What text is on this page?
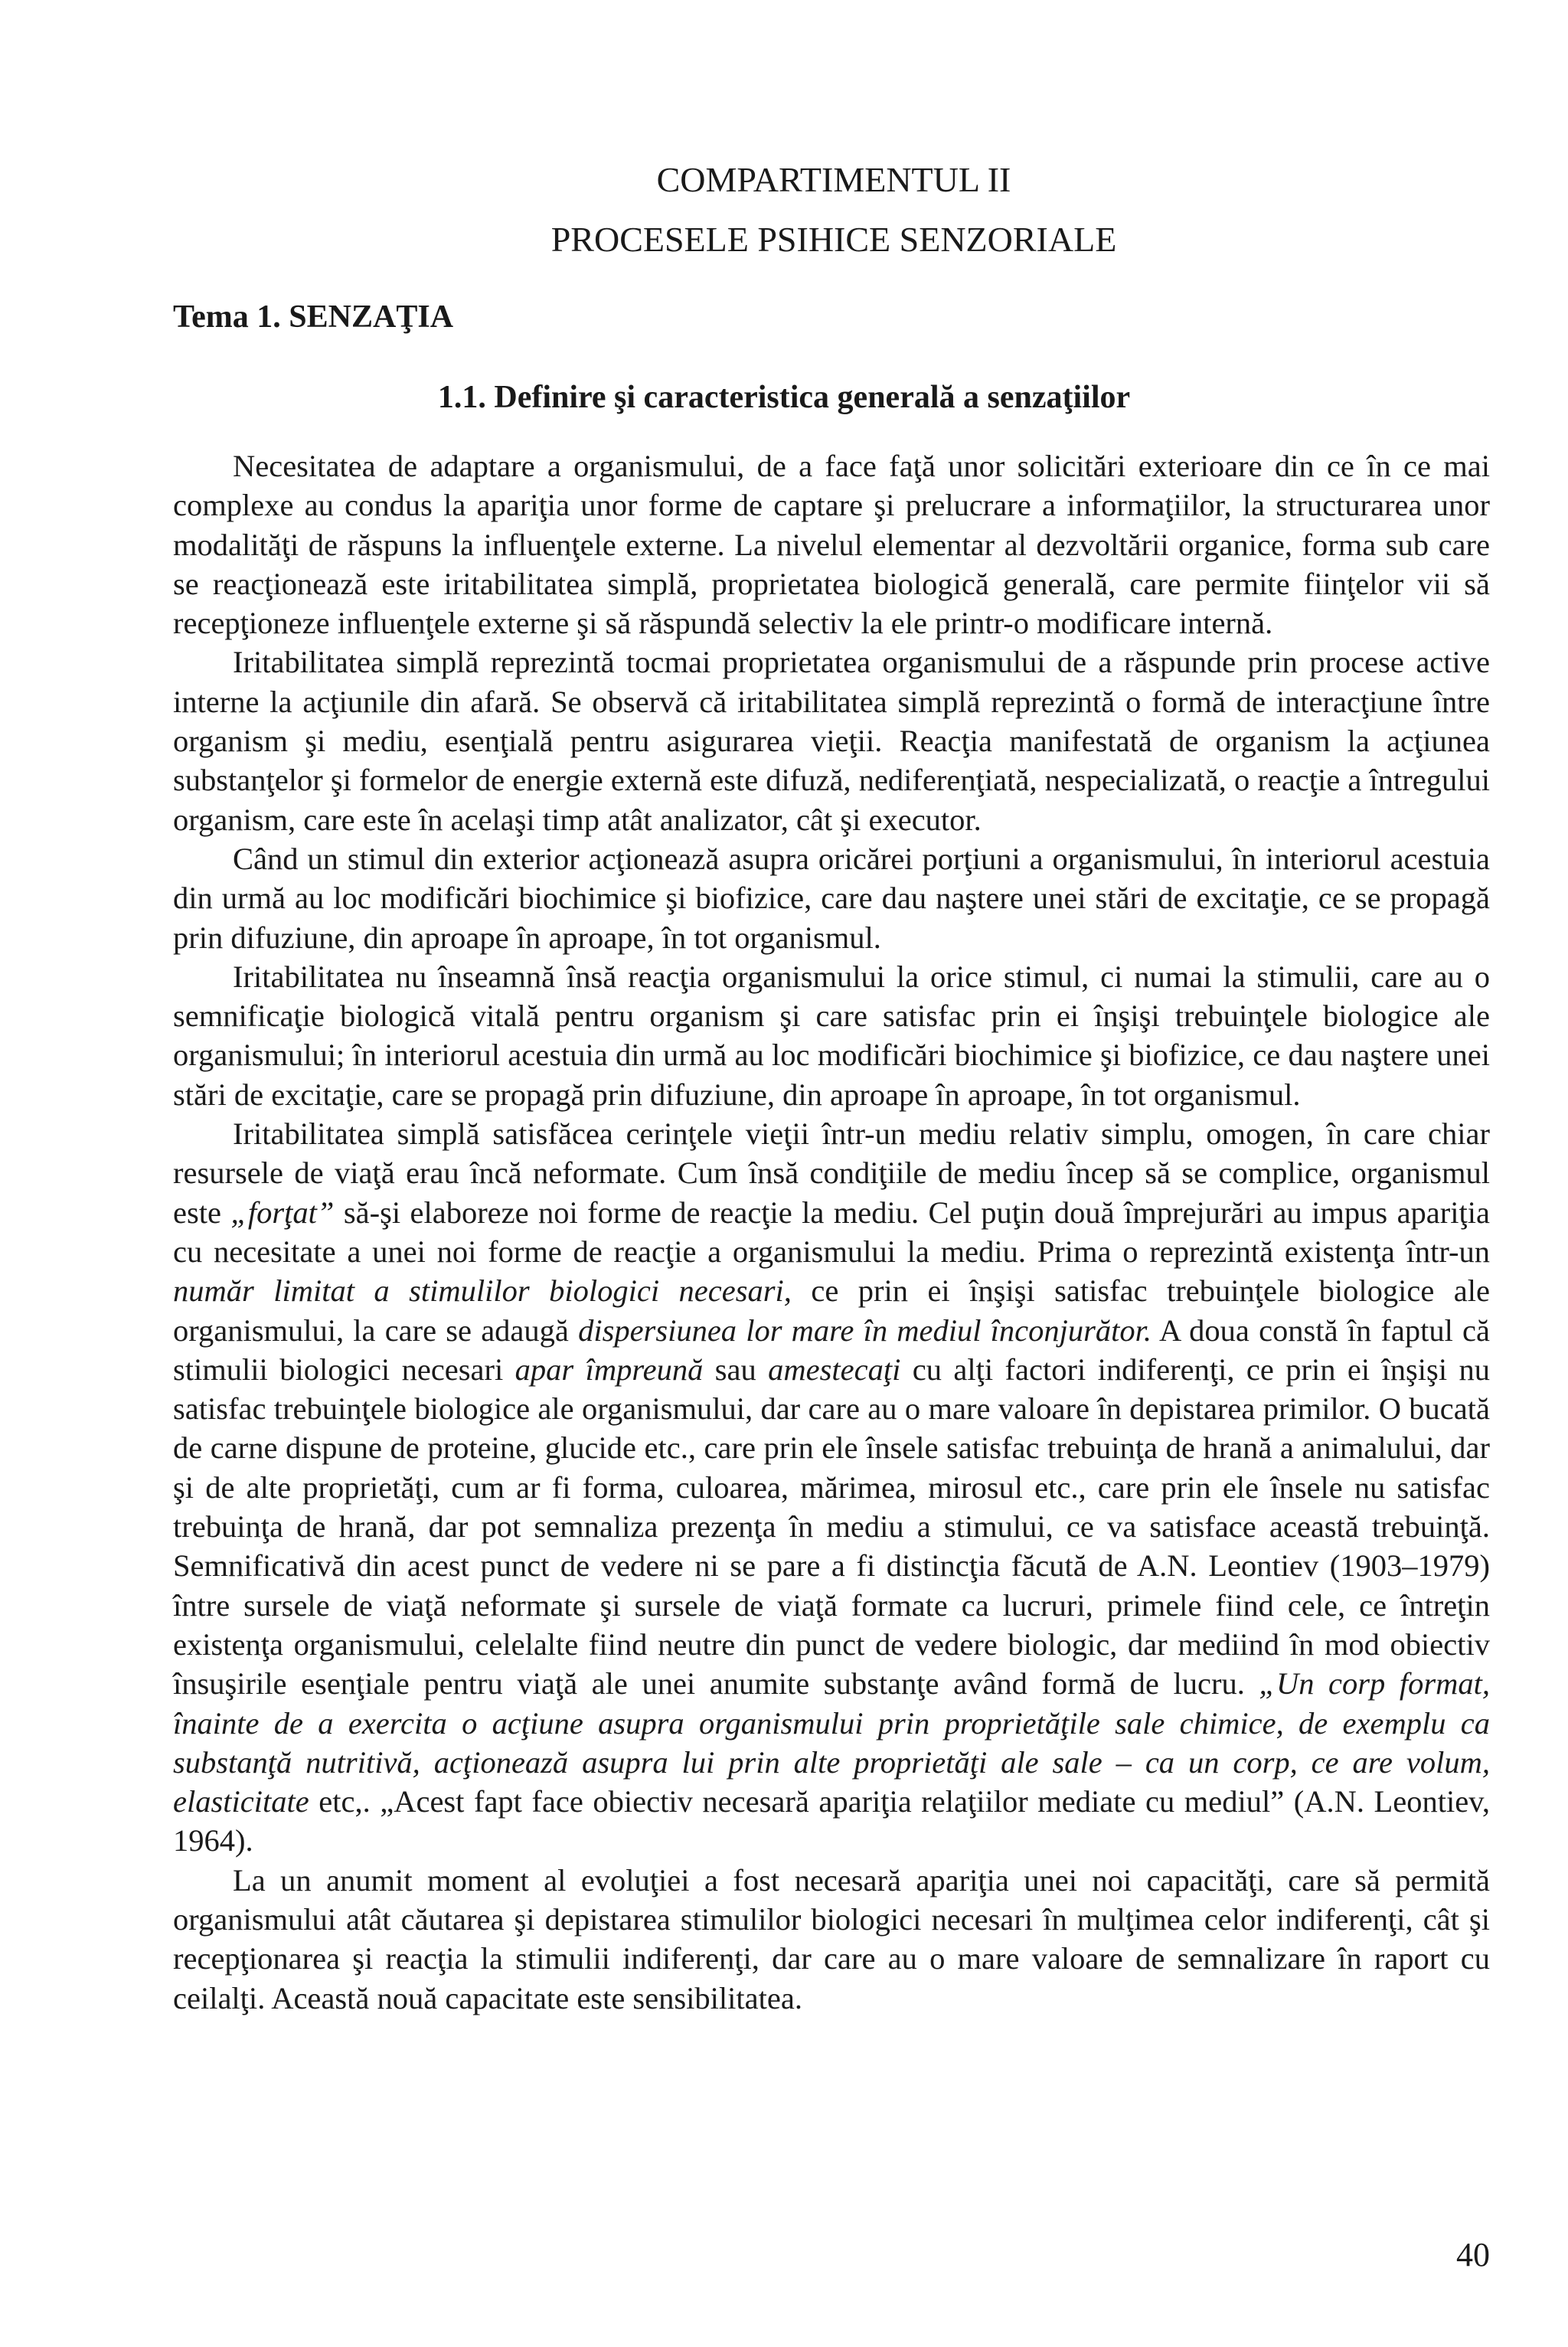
COMPARTIMENTUL II
PROCESELE PSIHICE SENZORIALE
Tema 1. SENZAŢIA
1.1. Definire şi caracteristica generală a senzaţiilor

Necesitatea de adaptare a organismului, de a face faţă unor solicitări exterioare din ce în ce mai complexe au condus la apariţia unor forme de captare şi prelucrare a informaţiilor, la structurarea unor modalităţi de răspuns la influenţele externe. La nivelul elementar al dezvoltării organice, forma sub care se reacţionează este iritabilitatea simplă, proprietatea biologică generală, care permite fiinţelor vii să recepţioneze influenţele externe şi să răspundă selectiv la ele printr-o modificare internă.

Iritabilitatea simplă reprezintă tocmai proprietatea organismului de a răspunde prin procese active interne la acţiunile din afară. Se observă că iritabilitatea simplă reprezintă o formă de interacţiune între organism şi mediu, esenţială pentru asigurarea vieţii. Reacţia manifestată de organism la acţiunea substanţelor şi formelor de energie externă este difuză, nediferenţiată, nespecializată, o reacţie a întregului organism, care este în acelaşi timp atât analizator, cât şi executor.

Când un stimul din exterior acţionează asupra oricărei porţiuni a organismului, în interiorul acestuia din urmă au loc modificări biochimice şi biofizice, care dau naştere unei stări de excitaţie, ce se propagă prin difuziune, din aproape în aproape, în tot organismul.

Iritabilitatea nu înseamnă însă reacţia organismului la orice stimul, ci numai la stimulii, care au o semnificaţie biologică vitală pentru organism şi care satisfac prin ei înşişi trebuinţele biologice ale organismului; în interiorul acestuia din urmă au loc modificări biochimice şi biofizice, ce dau naştere unei stări de excitaţie, care se propagă prin difuziune, din aproape în aproape, în tot organismul.

Iritabilitatea simplă satisfăcea cerinţele vieţii într-un mediu relativ simplu, omogen, în care chiar resursele de viaţă erau încă neformate. Cum însă condiţiile de mediu încep să se complice, organismul este „forţat” să-şi elaboreze noi forme de reacţie la mediu. Cel puţin două împrejurări au impus apariţia cu necesitate a unei noi forme de reacţie a organismului la mediu. Prima o reprezintă existenţa într-un număr limitat a stimulilor biologici necesari, ce prin ei înşişi satisfac trebuinţele biologice ale organismului, la care se adaugă dispersiunea lor mare în mediul înconjurător. A doua constă în faptul că stimulii biologici necesari apar împreună sau amestecaţi cu alţi factori indiferenţi, ce prin ei înşişi nu satisfac trebuinţele biologice ale organismului, dar care au o mare valoare în depistarea primilor. O bucată de carne dispune de proteine, glucide etc., care prin ele însele satisfac trebuinţa de hrană a animalului, dar şi de alte proprietăţi, cum ar fi forma, culoarea, mărimea, mirosul etc., care prin ele însele nu satisfac trebuinţa de hrană, dar pot semnaliza prezenţa în mediu a stimului, ce va satisface această trebuinţă. Semnificativă din acest punct de vedere ni se pare a fi distincţia făcută de A.N. Leontiev (1903–1979) între sursele de viaţă neformate şi sursele de viaţă formate ca lucruri, primele fiind cele, ce întreţin existenţa organismului, celelalte fiind neutre din punct de vedere biologic, dar mediind în mod obiectiv însuşirile esenţiale pentru viaţă ale unei anumite substanţe având formă de lucru. „Un corp format, înainte de a exercita o acţiune asupra organismului prin proprietăţile sale chimice, de exemplu ca substanţă nutritivă, acţionează asupra lui prin alte proprietăţi ale sale – ca un corp, ce are volum, elasticitate etc,. „Acest fapt face obiectiv necesară apariţia relaţiilor mediate cu mediul” (A.N. Leontiev, 1964).

La un anumit moment al evoluţiei a fost necesară apariţia unei noi capacităţi, care să permită organismului atât căutarea şi depistarea stimulilor biologici necesari în mulţimea celor indiferenţi, cât şi recepţionarea şi reacţia la stimulii indiferenţi, dar care au o mare valoare de semnalizare în raport cu ceilalţi. Această nouă capacitate este sensibilitatea.

40
